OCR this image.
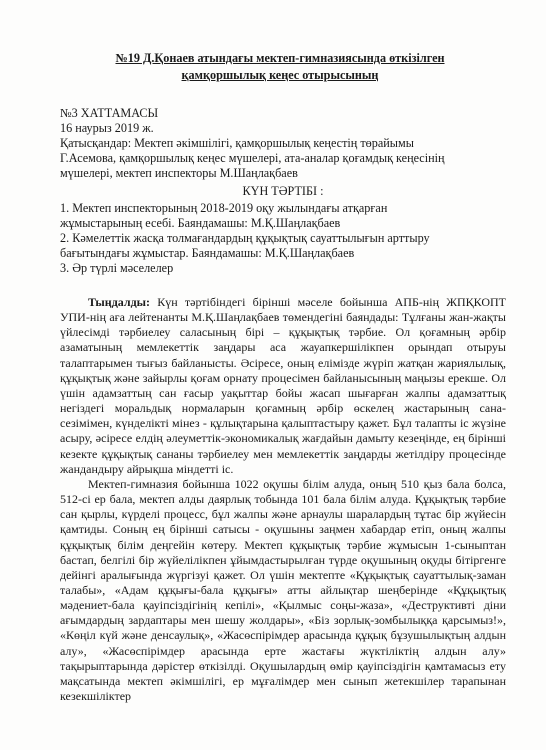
№19 Д.Қонаев атындағы мектеп-гимназиясында өткізілген
қамқоршылық кеңес отырысының
№3 ХАТТАМАСЫ
16 наурыз 2019 ж.
Қатысқандар: Мектеп әкімшілігі, қамқоршылық кеңестің төрайымы
Г.Асемова, қамқоршылық кеңес мүшелері, ата-аналар қоғамдық кеңесінің
мүшелері, мектеп инспекторы М.Шаңлақбаев
КҮН ТӘРТІБІ :
1. Мектеп инспекторының 2018-2019 оқу жылындағы атқарған
жұмыстарының есебі. Баяндамашы: М.Қ.Шаңлақбаев
2. Кәмелеттік жасқа толмағандардың құқықтық сауаттылығын арттыру
бағытындағы жұмыстар. Баяндамашы: М.Қ.Шаңлақбаев
3. Әр түрлі мәселелер

Тыңдалды: Күн тәртібіндегі бірінші мәселе бойынша АПБ-нің ЖПҚКОПТ УПИ-нің аға лейтенанты М.Қ.Шаңлақбаев төмендегіні баяндады: Тұлғаны жан-жақты үйлесімді тәрбиелеу саласының бірі – құқықтық тәрбие. Ол қоғамның әрбір азаматының мемлекеттік заңдары аса жауапкершілікпен орындап отыруы талаптарымен тығыз байланысты. Әсіресе, оның еліміздe жүріп жатқан жариялылық, құқықтық және зайырлы қоғам орнату процесімен байланысының маңызы ерекше. Ол үшін адамзаттың сан ғасыр уақыттар бойы жасап шығарған жалпы адамзаттық негіздегі моральдық нормаларын қоғамның әрбір өскелең жастарының сана- сезімімен, күнделікті мінез - құлықтарына қалыптастыру қажет. Бұл талапты іс жүзіне асыру, әсіресе елдің әлеуметтік-экономикалық жағдайын дамыту кезеңінде, ең бірінші кезекте құқықтық сананы тәрбиелеу мен мемлекеттік заңдарды жетілдіру процесінде жандандыру айрықша міндетті іс.

Мектеп-гимназия бойынша 1022 оқушы білім алуда, оның 510 қыз бала болса, 512-сі ер бала, мектеп алды даярлық тобында 101 бала білім алуда. Құқықтық тәрбие сан қырлы, күрделі процесс, бұл жалпы және арнаулы шаралардың тұтас бір жүйесін қамтиды. Соның ең бірінші сатысы - оқушыны заңмен хабардар етіп, оның жалпы құқықтық білім деңгейін көтеру. Мектеп құқықтық тәрбие жұмысын 1-сыныптан бастап, белгілі бір жүйелілікпен ұйымдастырылған түрде оқушының оқуды бітіргенге дейінгі аралығында жүргізуі қажет. Ол үшін мектепте «Құқықтық сауаттылық-заман талабы», «Адам құқығы-бала құқығы» атты айлықтар шеңберінде «Құқықтық мәдениет-бала қауіпсіздігінің кепілі», «Қылмыс соңы-жаза», «Деструктивті діни ағымдардың зардаптары мен шешу жолдары», «Біз зорлық-зомбылыққа қарсымыз!», «Көңіл күй және денсаулық», «Жасөспірімдер арасында құқық бұзушылықтың алдын алу», «Жасөспірімдер арасында ерте жастағы жүктіліктің алдын алу» тақырыптарында дәрістер өткізілді. Оқушылардың өмір қауіпсіздігін қамтамасыз ету мақсатында мектеп әкімшілігі, ер мұғалімдер мен сынып жетекшілер тарапынан кезекшіліктер
